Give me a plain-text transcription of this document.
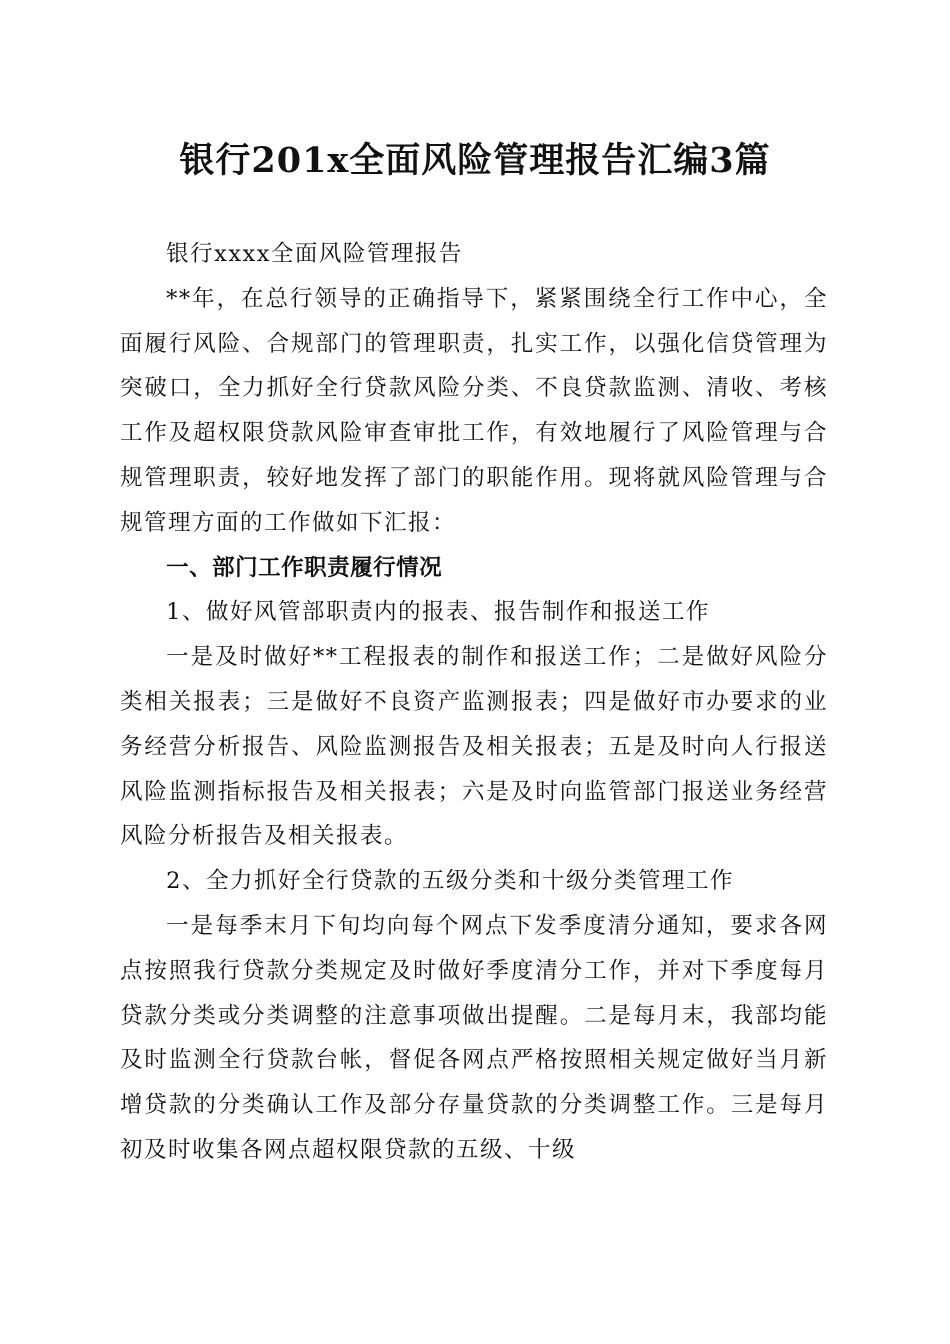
银行201x全面风险管理报告汇编3篇

银行xxxx全面风险管理报告

**年，在总行领导的正确指导下，紧紧围绕全行工作中心，全面履行风险、合规部门的管理职责，扎实工作，以强化信贷管理为突破口，全力抓好全行贷款风险分类、不良贷款监测、清收、考核工作及超权限贷款风险审查审批工作，有效地履行了风险管理与合规管理职责，较好地发挥了部门的职能作用。现将就风险管理与合规管理方面的工作做如下汇报：

一、部门工作职责履行情况

1、做好风管部职责内的报表、报告制作和报送工作

一是及时做好**工程报表的制作和报送工作；二是做好风险分类相关报表；三是做好不良资产监测报表；四是做好市办要求的业务经营分析报告、风险监测报告及相关报表；五是及时向人行报送风险监测指标报告及相关报表；六是及时向监管部门报送业务经营风险分析报告及相关报表。

2、全力抓好全行贷款的五级分类和十级分类管理工作

一是每季末月下旬均向每个网点下发季度清分通知，要求各网点按照我行贷款分类规定及时做好季度清分工作，并对下季度每月贷款分类或分类调整的注意事项做出提醒。二是每月末，我部均能及时监测全行贷款台帐，督促各网点严格按照相关规定做好当月新增贷款的分类确认工作及部分存量贷款的分类调整工作。三是每月初及时收集各网点超权限贷款的五级、十级
